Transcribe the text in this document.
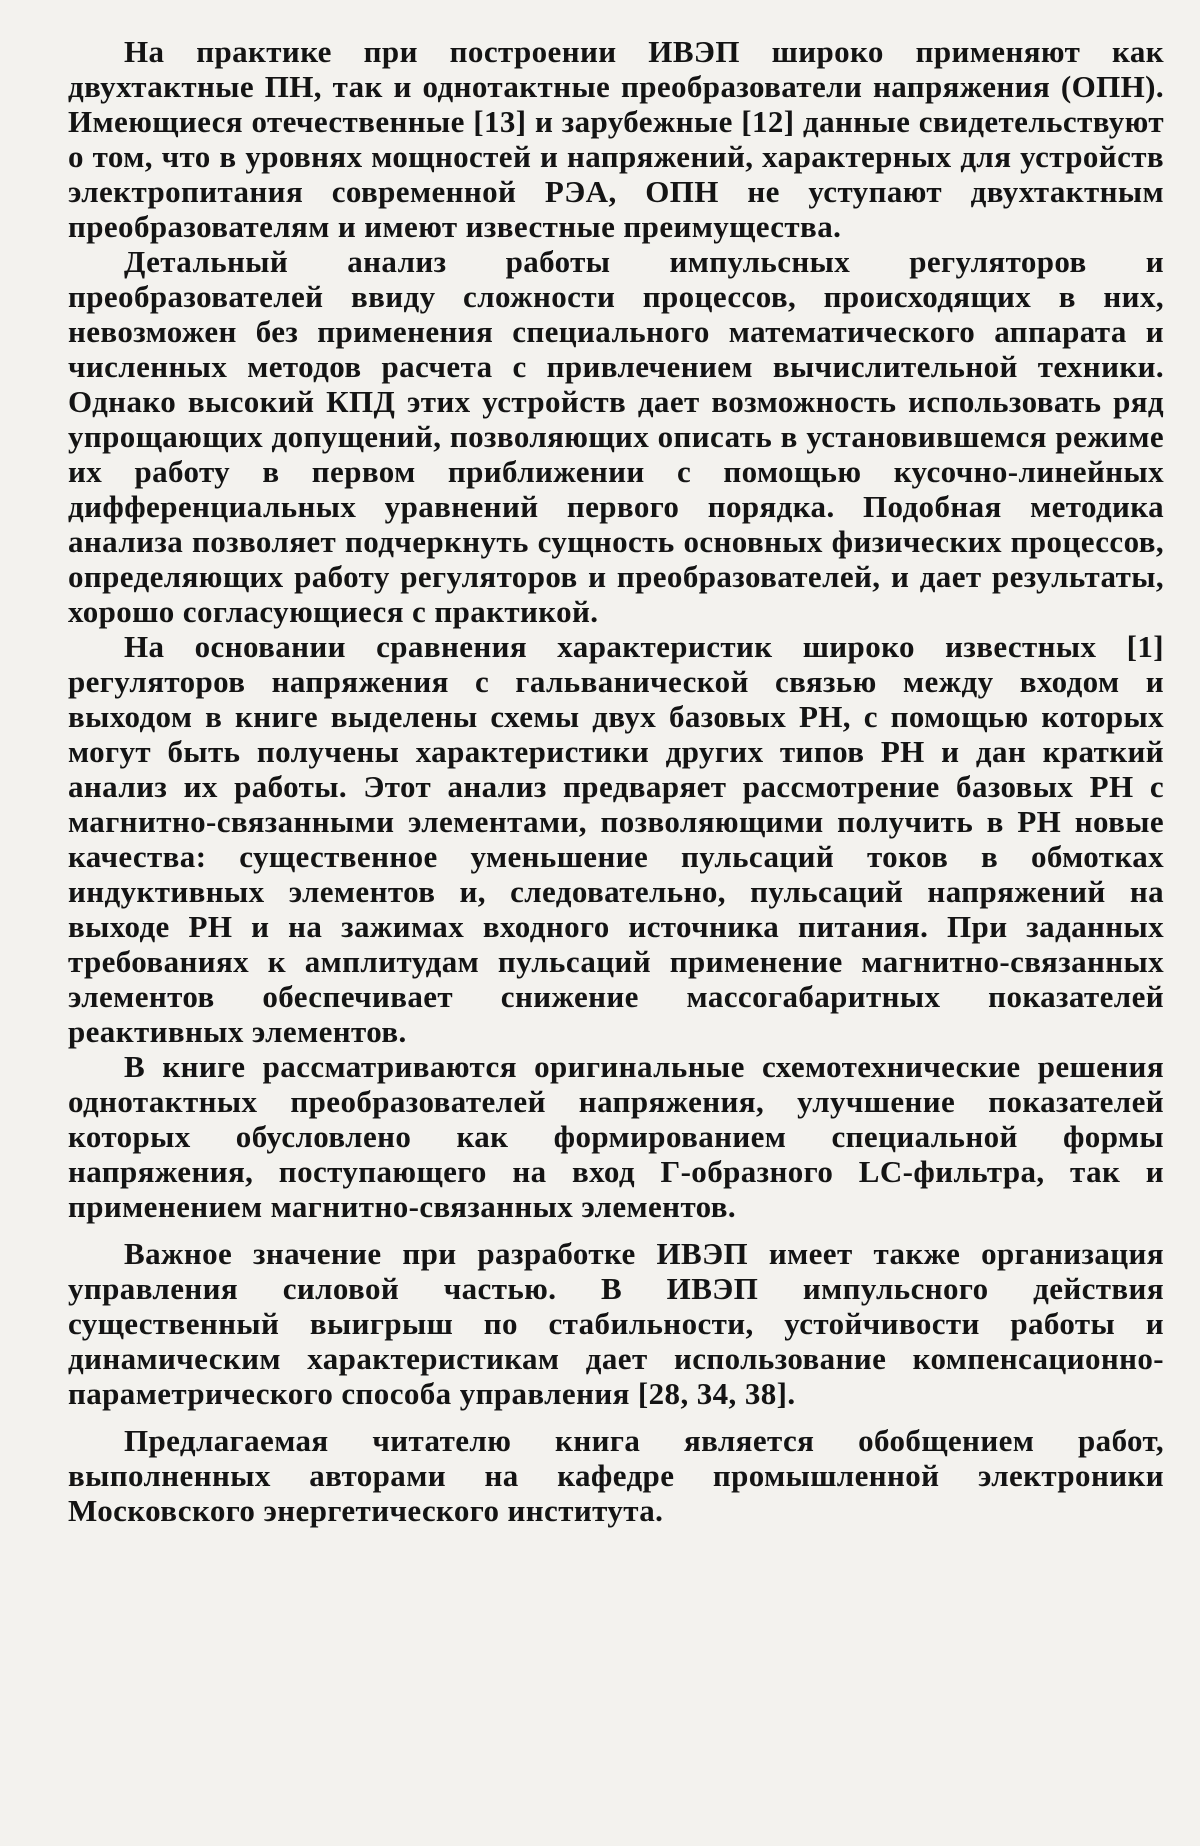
На практике при построении ИВЭП широко применяют как двухтактные ПН, так и однотактные преобразователи напряжения (ОПН). Имеющиеся отечественные [13] и зарубежные [12] данные свидетельствуют о том, что в уровнях мощностей и напряжений, характерных для устройств электропитания современной РЭА, ОПН не уступают двухтактным преобразователям и имеют известные преимущества.

Детальный анализ работы импульсных регуляторов и преобразователей ввиду сложности процессов, происходящих в них, невозможен без применения специального математического аппарата и численных методов расчета с привлечением вычислительной техники. Однако высокий КПД этих устройств дает возможность использовать ряд упрощающих допущений, позволяющих описать в установившемся режиме их работу в первом приближении с помощью кусочно-линейных дифференциальных уравнений первого порядка. Подобная методика анализа позволяет подчеркнуть сущность основных физических процессов, определяющих работу регуляторов и преобразователей, и дает результаты, хорошо согласующиеся с практикой.

На основании сравнения характеристик широко известных [1] регуляторов напряжения с гальванической связью между входом и выходом в книге выделены схемы двух базовых РН, с помощью которых могут быть получены характеристики других типов РН и дан краткий анализ их работы. Этот анализ предваряет рассмотрение базовых РН с магнитно-связанными элементами, позволяющими получить в РН новые качества: существенное уменьшение пульсаций токов в обмотках индуктивных элементов и, следовательно, пульсаций напряжений на выходе РН и на зажимах входного источника питания. При заданных требованиях к амплитудам пульсаций применение магнитно-связанных элементов обеспечивает снижение массогабаритных показателей реактивных элементов.

В книге рассматриваются оригинальные схемотехнические решения однотактных преобразователей напряжения, улучшение показателей которых обусловлено как формированием специальной формы напряжения, поступающего на вход Г-образного LC-фильтра, так и применением магнитно-связанных элементов.

Важное значение при разработке ИВЭП имеет также организация управления силовой частью. В ИВЭП импульсного действия существенный выигрыш по стабильности, устойчивости работы и динамическим характеристикам дает использование компенсационно-параметрического способа управления [28, 34, 38].

Предлагаемая читателю книга является обобщением работ, выполненных авторами на кафедре промышленной электроники Московского энергетического института.
